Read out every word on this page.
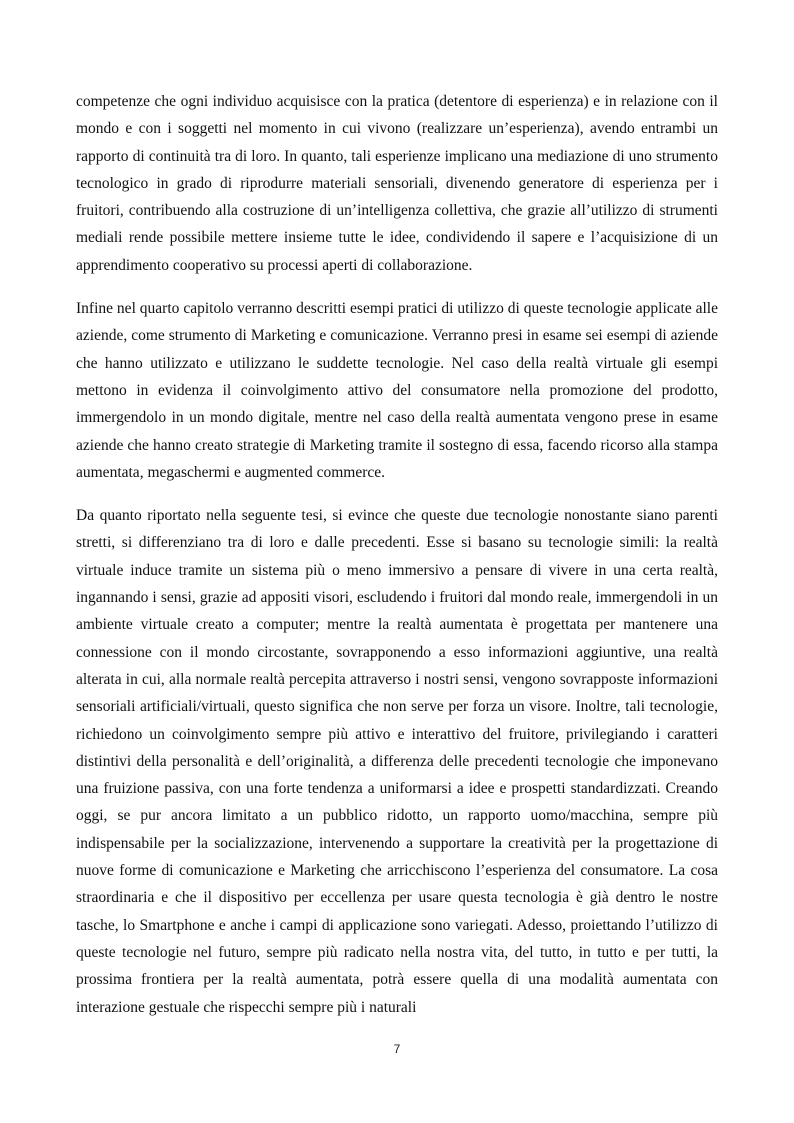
competenze che ogni individuo acquisisce con la pratica (detentore di esperienza) e in relazione con il mondo e con i soggetti nel momento in cui vivono (realizzare un’esperienza), avendo entrambi un rapporto di continuità tra di loro. In quanto, tali esperienze implicano una mediazione di uno strumento tecnologico in grado di riprodurre materiali sensoriali, divenendo generatore di esperienza per i fruitori, contribuendo alla costruzione di un’intelligenza collettiva, che grazie all’utilizzo di strumenti mediali rende possibile mettere insieme tutte le idee, condividendo il sapere e l’acquisizione di un apprendimento cooperativo su processi aperti di collaborazione.

Infine nel quarto capitolo verranno descritti esempi pratici di utilizzo di queste tecnologie applicate alle aziende, come strumento di Marketing e comunicazione. Verranno presi in esame sei esempi di aziende che hanno utilizzato e utilizzano le suddette tecnologie. Nel caso della realtà virtuale gli esempi mettono in evidenza il coinvolgimento attivo del consumatore nella promozione del prodotto, immergendolo in un mondo digitale, mentre nel caso della realtà aumentata vengono prese in esame aziende che hanno creato strategie di Marketing tramite il sostegno di essa, facendo ricorso alla stampa aumentata, megaschermi e augmented commerce.

Da quanto riportato nella seguente tesi, si evince che queste due tecnologie nonostante siano parenti stretti, si differenziano tra di loro e dalle precedenti. Esse si basano su tecnologie simili: la realtà virtuale induce tramite un sistema più o meno immersivo a pensare di vivere in una certa realtà, ingannando i sensi, grazie ad appositi visori, escludendo i fruitori dal mondo reale, immergendoli in un ambiente virtuale creato a computer; mentre la realtà aumentata è progettata per mantenere una connessione con il mondo circostante, sovrapponendo a esso informazioni aggiuntive, una realtà alterata in cui, alla normale realtà percepita attraverso i nostri sensi, vengono sovrapposte informazioni sensoriali artificiali/virtuali, questo significa che non serve per forza un visore. Inoltre, tali tecnologie, richiedono un coinvolgimento sempre più attivo e interattivo del fruitore, privilegiando i caratteri distintivi della personalità e dell’originalità, a differenza delle precedenti tecnologie che imponevano una fruizione passiva, con una forte tendenza a uniformarsi a idee e prospetti standardizzati. Creando oggi, se pur ancora limitato a un pubblico ridotto, un rapporto uomo/macchina, sempre più indispensabile per la socializzazione, intervenendo a supportare la creatività per la progettazione di nuove forme di comunicazione e Marketing che arricchiscono l’esperienza del consumatore. La cosa straordinaria e che il dispositivo per eccellenza per usare questa tecnologia è già dentro le nostre tasche, lo Smartphone e anche i campi di applicazione sono variegati. Adesso, proiettando l’utilizzo di queste tecnologie nel futuro, sempre più radicato nella nostra vita, del tutto, in tutto e per tutti, la prossima frontiera per la realtà aumentata, potrà essere quella di una modalità aumentata con interazione gestuale che rispecchi sempre più i naturali

7
